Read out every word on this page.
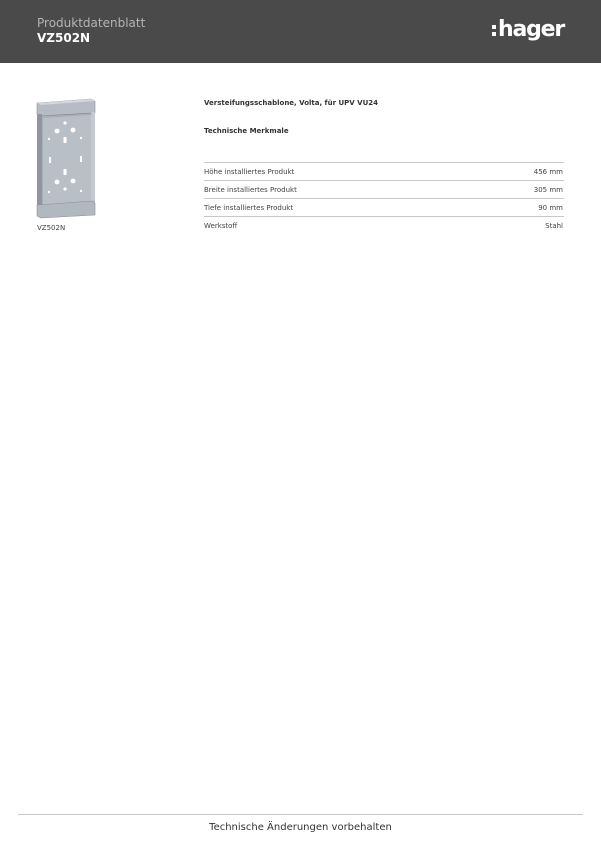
Produktdatenblatt
VZ502N	hager
VZ502N
Versteifungsschablone, Volta, für UPV VU24
Technische Merkmale
Höhe installiertes Produkt	456 mm
Breite installiertes Produkt	305 mm
Tiefe installiertes Produkt	90 mm
Werkstoff	Stahl
Technische Änderungen vorbehalten
